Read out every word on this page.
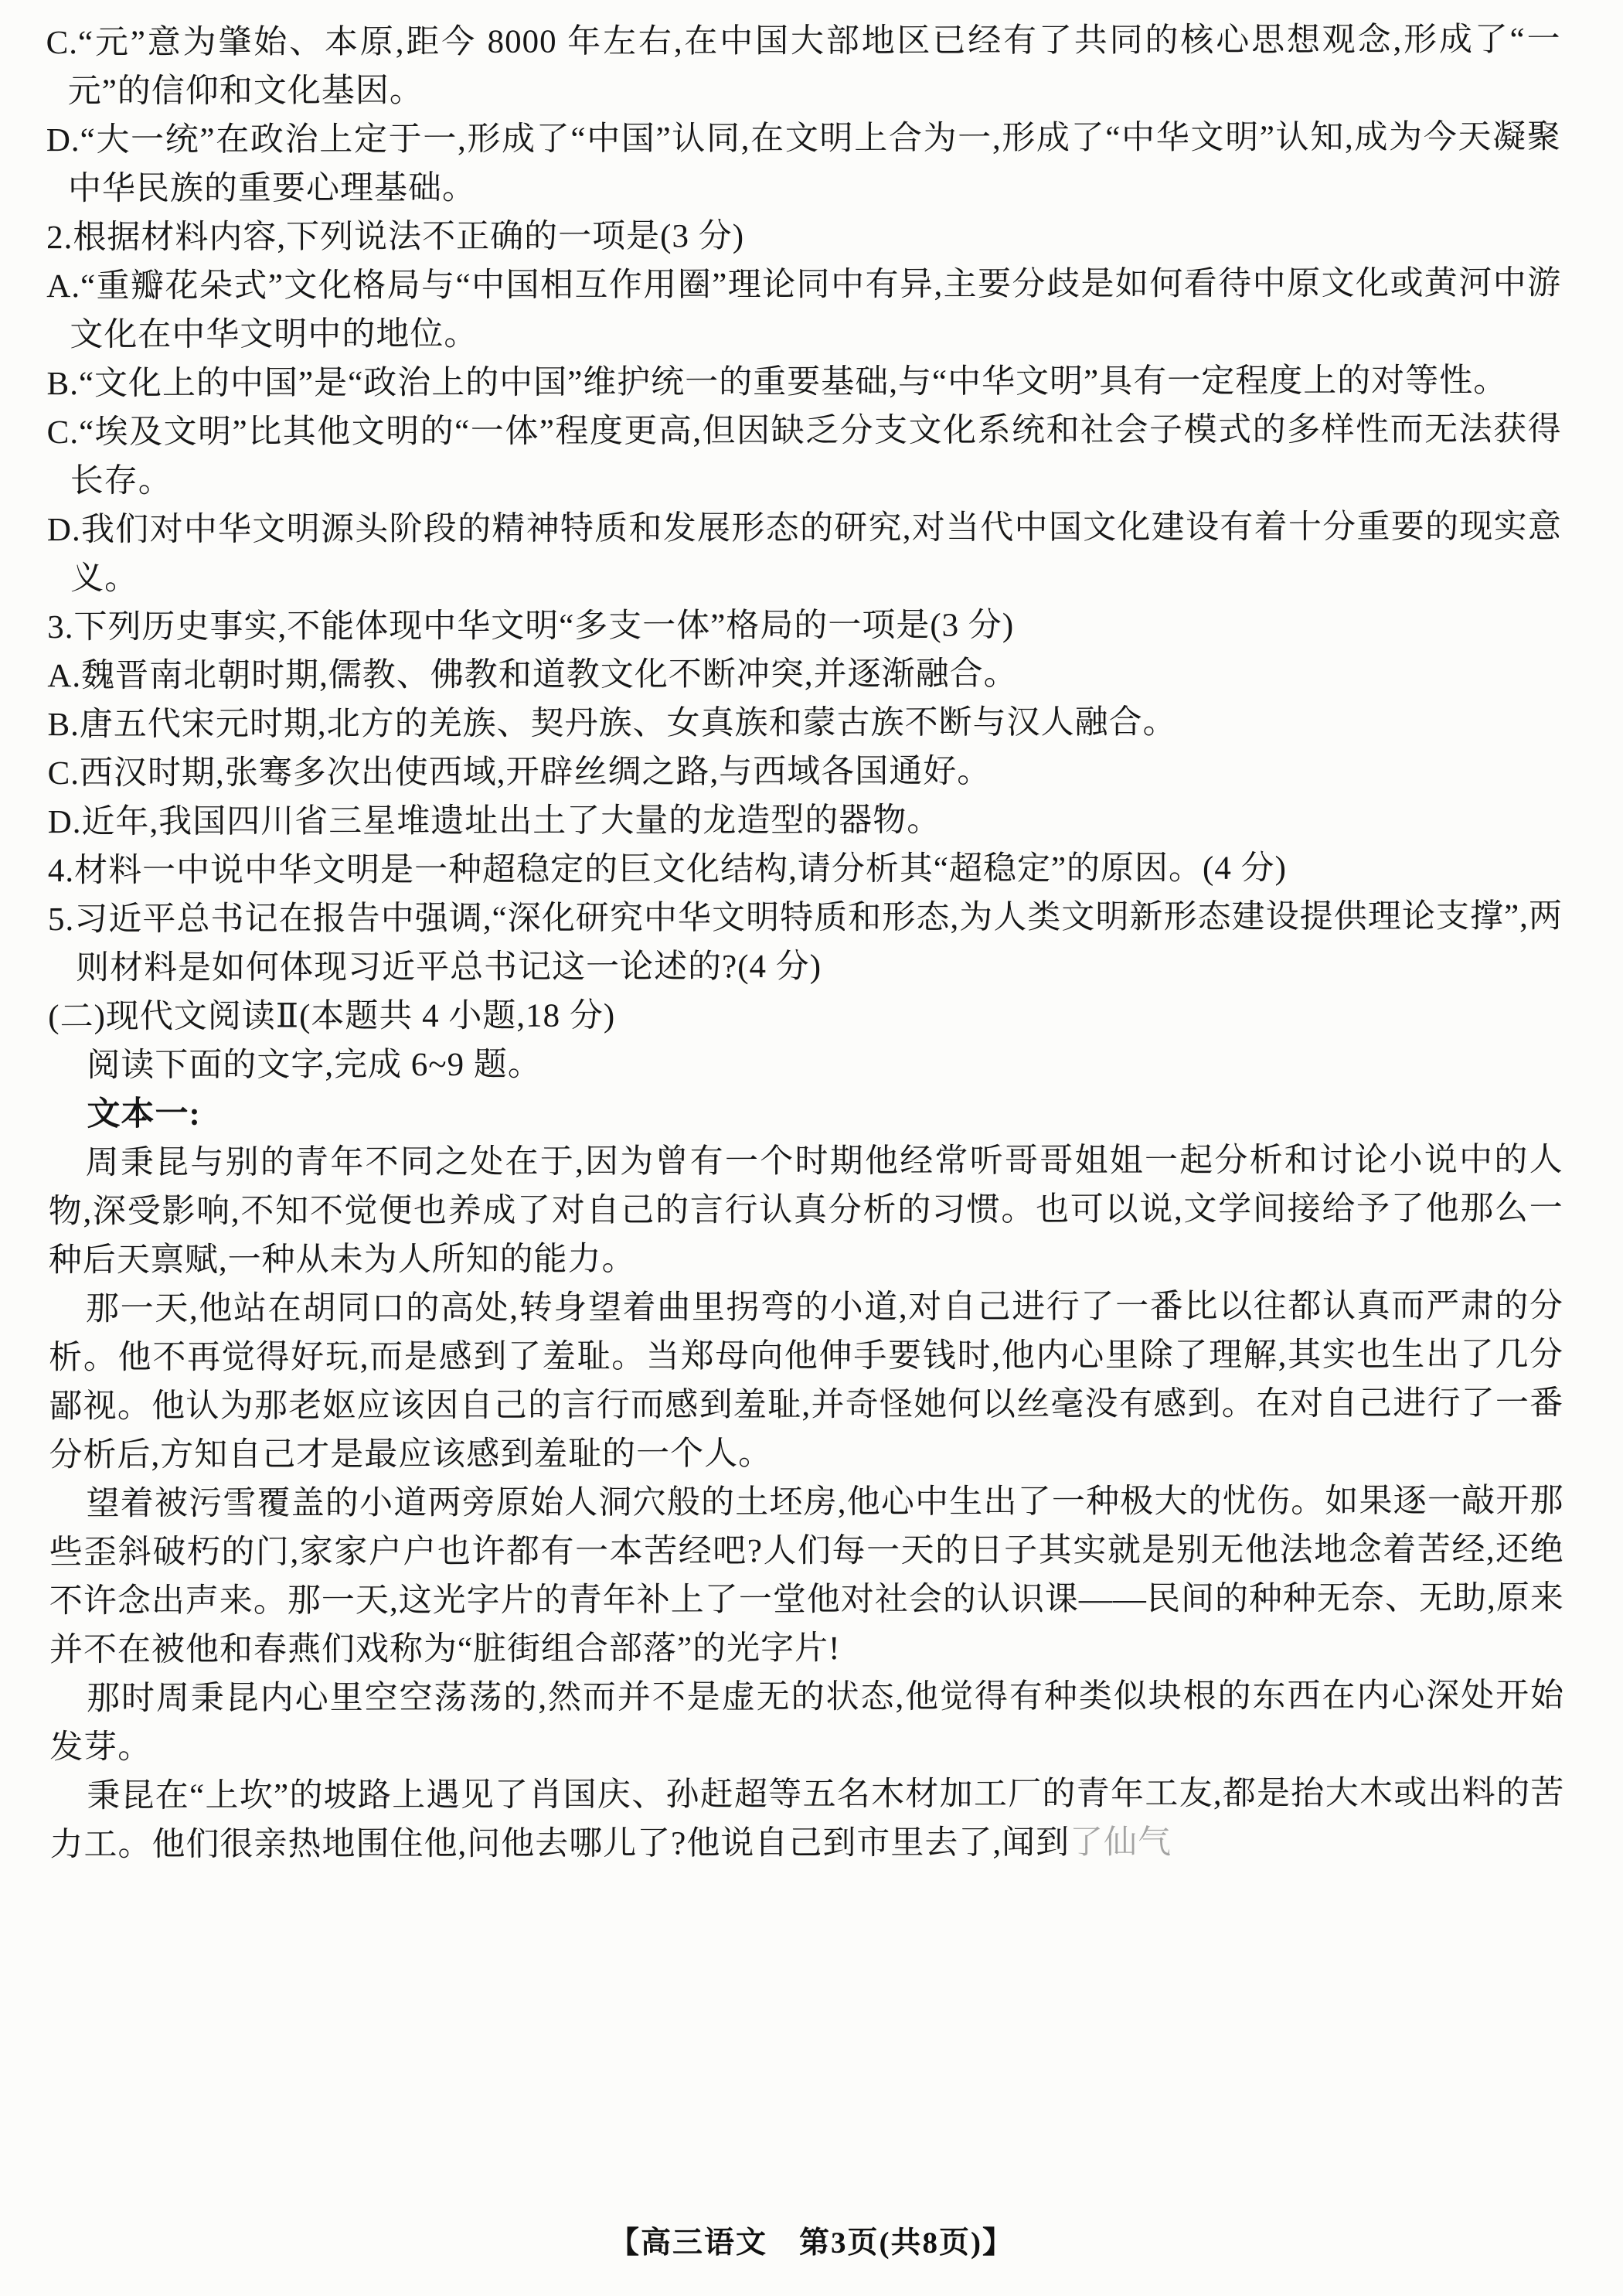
C.“元”意为肇始、本原,距今 8000 年左右,在中国大部地区已经有了共同的核心思想观念,形成了“一元”的信仰和文化基因。

D.“大一统”在政治上定于一,形成了“中国”认同,在文明上合为一,形成了“中华文明”认知,成为今天凝聚中华民族的重要心理基础。

2.根据材料内容,下列说法不正确的一项是(3 分)

A.“重瓣花朵式”文化格局与“中国相互作用圈”理论同中有异,主要分歧是如何看待中原文化或黄河中游文化在中华文明中的地位。

B.“文化上的中国”是“政治上的中国”维护统一的重要基础,与“中华文明”具有一定程度上的对等性。

C.“埃及文明”比其他文明的“一体”程度更高,但因缺乏分支文化系统和社会子模式的多样性而无法获得长存。

D.我们对中华文明源头阶段的精神特质和发展形态的研究,对当代中国文化建设有着十分重要的现实意义。

3.下列历史事实,不能体现中华文明“多支一体”格局的一项是(3 分)

A.魏晋南北朝时期,儒教、佛教和道教文化不断冲突,并逐渐融合。

B.唐五代宋元时期,北方的羌族、契丹族、女真族和蒙古族不断与汉人融合。

C.西汉时期,张骞多次出使西域,开辟丝绸之路,与西域各国通好。

D.近年,我国四川省三星堆遗址出土了大量的龙造型的器物。

4.材料一中说中华文明是一种超稳定的巨文化结构,请分析其“超稳定”的原因。(4 分)

5.习近平总书记在报告中强调,“深化研究中华文明特质和形态,为人类文明新形态建设提供理论支撑”,两则材料是如何体现习近平总书记这一论述的?(4 分)

(二)现代文阅读Ⅱ(本题共 4 小题,18 分)

阅读下面的文字,完成 6~9 题。

文本一:

周秉昆与别的青年不同之处在于,因为曾有一个时期他经常听哥哥姐姐一起分析和讨论小说中的人物,深受影响,不知不觉便也养成了对自己的言行认真分析的习惯。也可以说,文学间接给予了他那么一种后天禀赋,一种从未为人所知的能力。

那一天,他站在胡同口的高处,转身望着曲里拐弯的小道,对自己进行了一番比以往都认真而严肃的分析。他不再觉得好玩,而是感到了羞耻。当郑母向他伸手要钱时,他内心里除了理解,其实也生出了几分鄙视。他认为那老妪应该因自己的言行而感到羞耻,并奇怪她何以丝毫没有感到。在对自己进行了一番分析后,方知自己才是最应该感到羞耻的一个人。

望着被污雪覆盖的小道两旁原始人洞穴般的土坯房,他心中生出了一种极大的忧伤。如果逐一敲开那些歪斜破朽的门,家家户户也许都有一本苦经吧?人们每一天的日子其实就是别无他法地念着苦经,还绝不许念出声来。那一天,这光字片的青年补上了一堂他对社会的认识课——民间的种种无奈、无助,原来并不在被他和春燕们戏称为“脏街组合部落”的光字片!

那时周秉昆内心里空空荡荡的,然而并不是虚无的状态,他觉得有种类似块根的东西在内心深处开始发芽。

秉昆在“上坎”的坡路上遇见了肖国庆、孙赶超等五名木材加工厂的青年工友,都是抬大木或出料的苦力工。他们很亲热地围住他,问他去哪儿了?他说自己到市里去了,闻到了仙气

【高三语文　第3页(共8页)】
